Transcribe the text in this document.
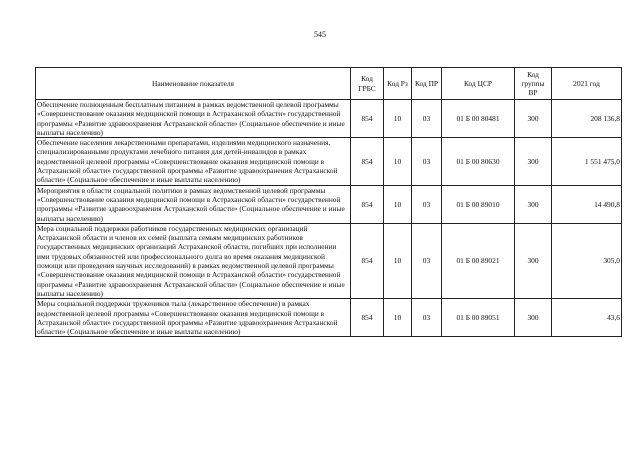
545
Наименование показателя	Код ГРБС	Код Рз	Код ПР	Код ЦСР	Код группы ВР	2021 год
Обеспечение полноценным бесплатным питанием в рамках ведомственной целевой программы «Совершенствование оказания медицинской помощи в Астраханской области» государственной программы «Развитие здравоохранения Астраханской области» (Социальное обеспечение и иные выплаты населению)	854	10	03	01 Б 00 80481	300	208 136,8
Обеспечение населения лекарственными препаратами, изделиями медицинского назначения, специализированными продуктами лечебного питания для детей-инвалидов в рамках ведомственной целевой программы «Совершенствование оказания медицинской помощи в Астраханской области» государственной программы «Развитие здравоохранения Астраханской области» (Социальное обеспечение и иные выплаты населению)	854	10	03	01 Б 00 80630	300	1 551 475,0
Мероприятия в области социальной политики в рамках ведомственной целевой программы «Совершенствование оказания медицинской помощи в Астраханской области» государственной программы «Развитие здравоохранения Астраханской области» (Социальное обеспечение и иные выплаты населению)	854	10	03	01 Б 00 89010	300	14 490,8
Мера социальной поддержки работников государственных медицинских организаций Астраханской области и членов их семей (выплата семьям медицинских работников государственных медицинских организаций Астраханской области, погибших при исполнении ими трудовых обязанностей или профессионального долга во время оказания медицинской помощи или проведения научных исследований) в рамках ведомственной целевой программы «Совершенствование оказания медицинской помощи в Астраханской области» государственной программы «Развитие здравоохранения Астраханской области» (Социальное обеспечение и иные выплаты населению)	854	10	03	01 Б 00 89021	300	305,0
Меры социальной поддержки тружеников тыла (лекарственное обеспечение) в рамках ведомственной целевой программы «Совершенствование оказания медицинской помощи в Астраханской области» государственной программы «Развитие здравоохранения Астраханской области» (Социальное обеспечение и иные выплаты населению)	854	10	03	01 Б 00 89051	300	43,6
